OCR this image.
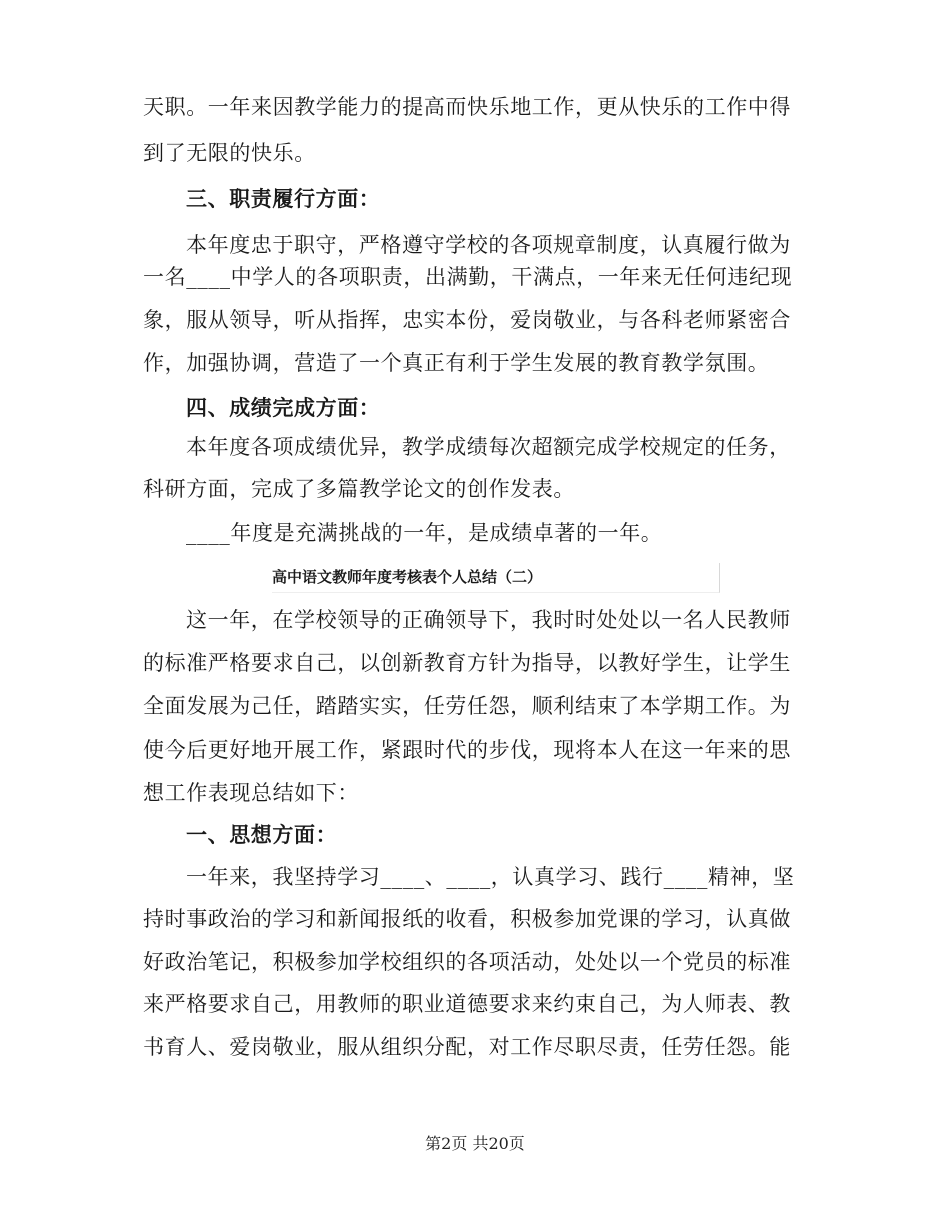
天职。一年来因教学能力的提高而快乐地工作，更从快乐的工作中得
到了无限的快乐。
三、职责履行方面：
本年度忠于职守，严格遵守学校的各项规章制度，认真履行做为
一名____中学人的各项职责，出满勤，干满点，一年来无任何违纪现
象，服从领导，听从指挥，忠实本份，爱岗敬业，与各科老师紧密合
作，加强协调，营造了一个真正有利于学生发展的教育教学氛围。
四、成绩完成方面：
本年度各项成绩优异，教学成绩每次超额完成学校规定的任务，
科研方面，完成了多篇教学论文的创作发表。
____年度是充满挑战的一年，是成绩卓著的一年。
高中语文教师年度考核表个人总结（二）
这一年，在学校领导的正确领导下，我时时处处以一名人民教师
的标准严格要求自己，以创新教育方针为指导，以教好学生，让学生
全面发展为己任，踏踏实实，任劳任怨，顺利结束了本学期工作。为
使今后更好地开展工作，紧跟时代的步伐，现将本人在这一年来的思
想工作表现总结如下：
一、思想方面：
一年来，我坚持学习____、____，认真学习、践行____精神，坚
持时事政治的学习和新闻报纸的收看，积极参加党课的学习，认真做
好政治笔记，积极参加学校组织的各项活动，处处以一个党员的标准
来严格要求自己，用教师的职业道德要求来约束自己，为人师表、教
书育人、爱岗敬业，服从组织分配，对工作尽职尽责，任劳任怨。能
第2页 共20页
